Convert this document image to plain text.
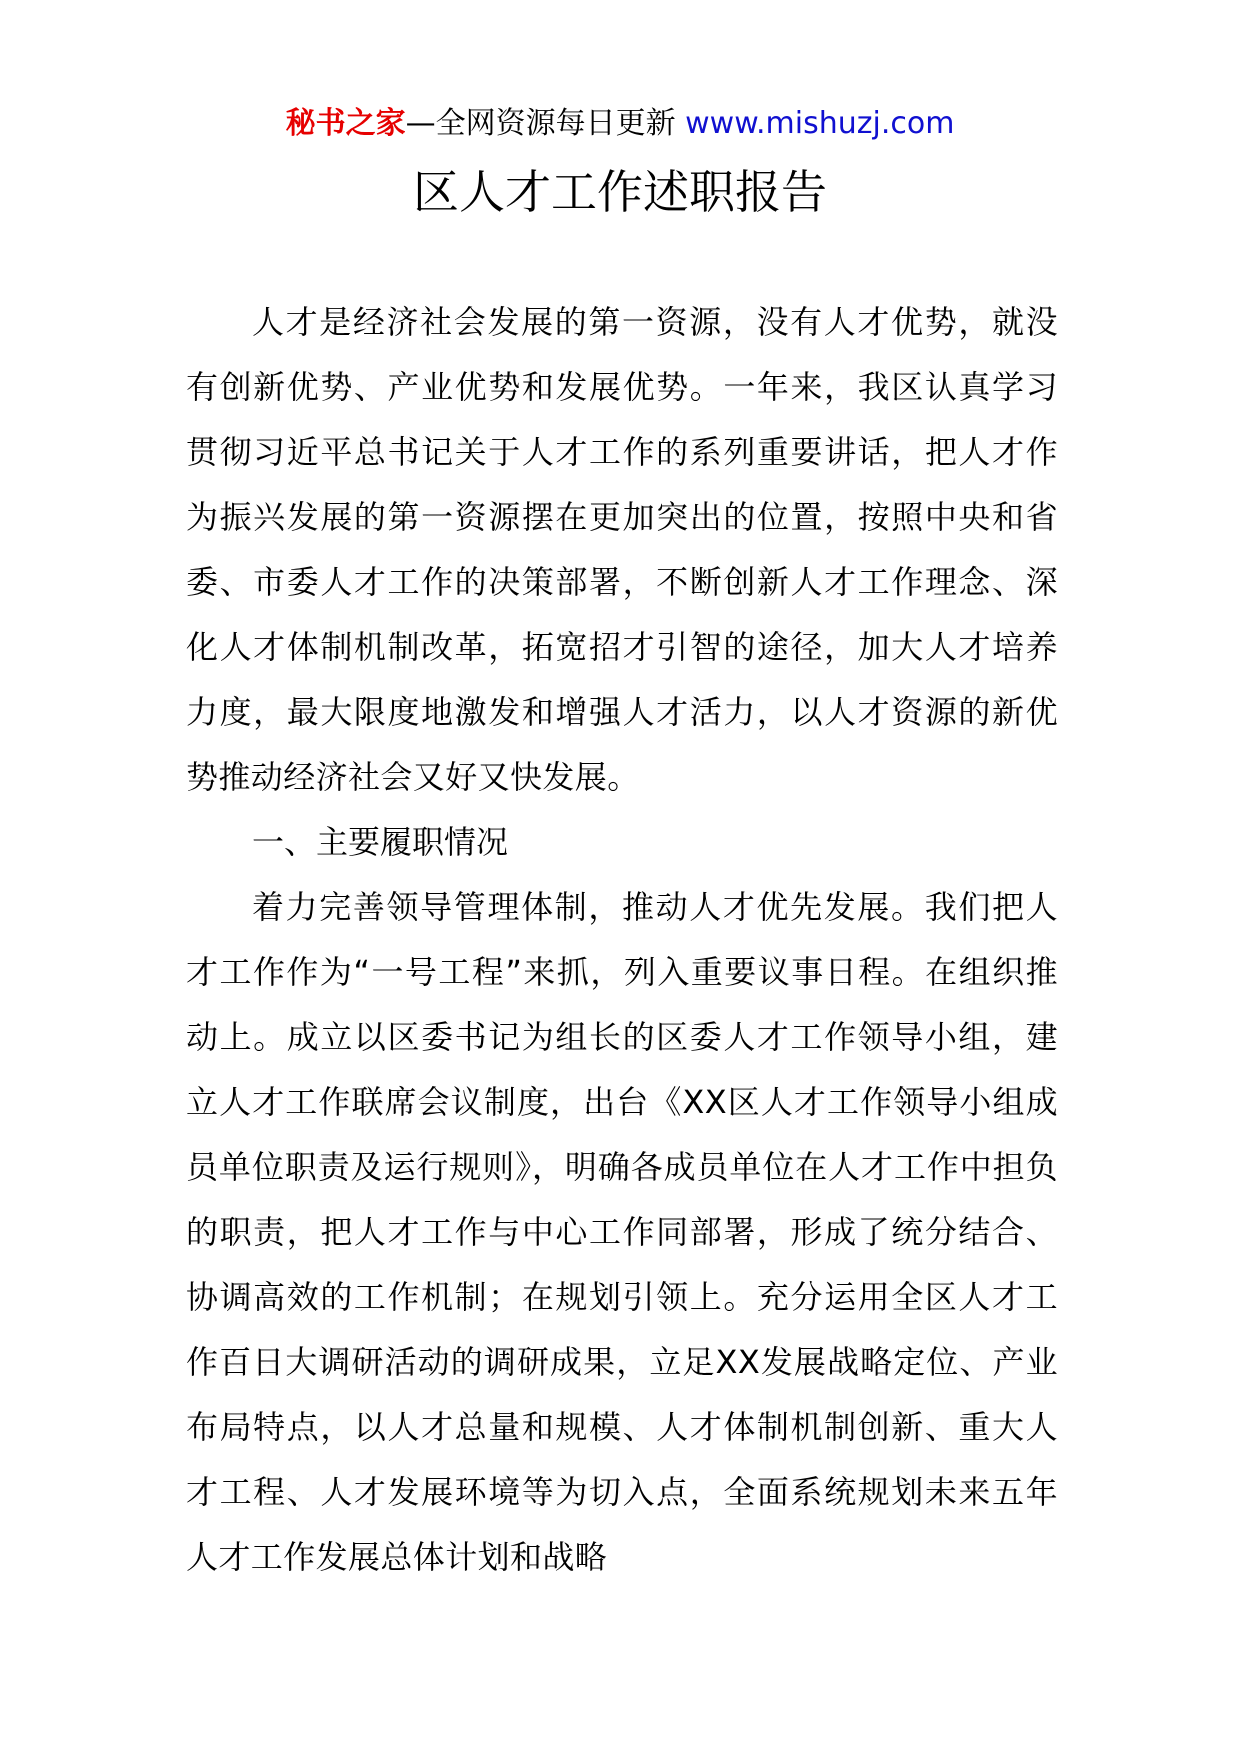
秘书之家—全网资源每日更新 www.mishuzj.com
区人才工作述职报告

人才是经济社会发展的第一资源，没有人才优势，就没有创新优势、产业优势和发展优势。一年来，我区认真学习贯彻习近平总书记关于人才工作的系列重要讲话，把人才作为振兴发展的第一资源摆在更加突出的位置，按照中央和省委、市委人才工作的决策部署，不断创新人才工作理念、深化人才体制机制改革，拓宽招才引智的途径，加大人才培养力度，最大限度地激发和增强人才活力，以人才资源的新优势推动经济社会又好又快发展。

一、主要履职情况

着力完善领导管理体制，推动人才优先发展。我们把人才工作作为“一号工程”来抓，列入重要议事日程。在组织推动上。成立以区委书记为组长的区委人才工作领导小组，建立人才工作联席会议制度，出台《XX区人才工作领导小组成员单位职责及运行规则》，明确各成员单位在人才工作中担负的职责，把人才工作与中心工作同部署，形成了统分结合、协调高效的工作机制；在规划引领上。充分运用全区人才工作百日大调研活动的调研成果，立足XX发展战略定位、产业布局特点，以人才总量和规模、人才体制机制创新、重大人才工程、人才发展环境等为切入点，全面系统规划未来五年人才工作发展总体计划和战略
